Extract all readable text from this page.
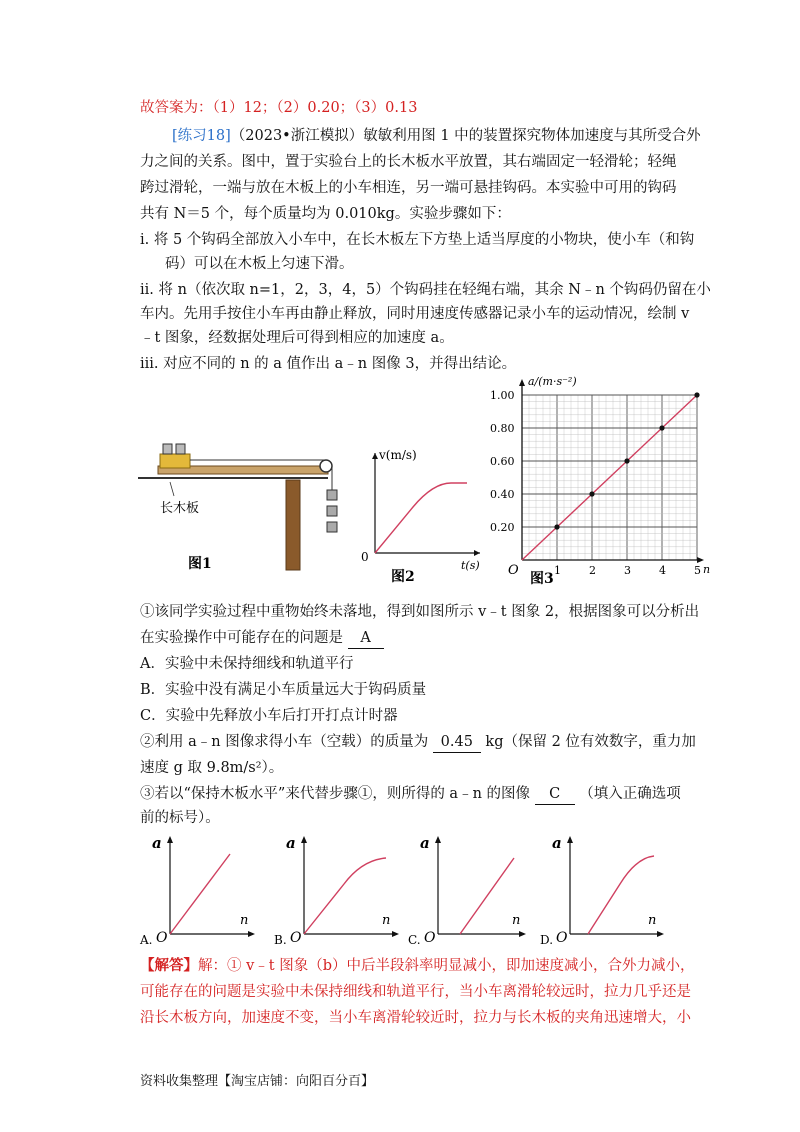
故答案为：（1）12；（2）0.20；（3）0.13
[练习18]（2023•浙江模拟）敏敏利用图 1 中的装置探究物体加速度与其所受合外
力之间的关系。图中，置于实验台上的长木板水平放置，其右端固定一轻滑轮；轻绳
跨过滑轮，一端与放在木板上的小车相连，另一端可悬挂钩码。本实验中可用的钩码
共有 N＝5 个，每个质量均为 0.010kg。实验步骤如下：
i. 将 5 个钩码全部放入小车中，在长木板左下方垫上适当厚度的小物块，使小车（和钩
码）可以在木板上匀速下滑。
ii. 将 n（依次取 n=1，2，3，4，5）个钩码挂在轻绳右端，其余 N﹣n 个钩码仍留在小
车内。先用手按住小车再由静止释放，同时用速度传感器记录小车的运动情况，绘制 v
﹣t 图象，经数据处理后可得到相应的加速度 a。
iii. 对应不同的 n 的 a 值作出 a﹣n 图像 3，并得出结论。
长木板
图1
v(m/s)
t(s)
0
图2	1	2	3	4	5
0.20
0.40
0.60
0.80
1.00
a/(m·s⁻²)
n
O
图3
①该同学实验过程中重物始终未落地，得到如图所示 v﹣t 图象 2，根据图象可以分析出
在实验操作中可能存在的问题是 A
A．实验中未保持细线和轨道平行
B．实验中没有满足小车质量远大于钩码质量
C．实验中先释放小车后打开打点计时器
②利用 a﹣n 图像求得小车（空载）的质量为 0.45 kg（保留 2 位有效数字，重力加
速度 g 取 9.8m/s²）。
③若以“保持木板水平”来代替步骤①，则所得的 a﹣n 的图像 C （填入正确选项
前的标号）。
a
n
A. O
a
n
B. O
a
n
C. O
a
n
D. O
【解答】解：① v﹣t 图象（b）中后半段斜率明显减小，即加速度减小，合外力减小，
可能存在的问题是实验中未保持细线和轨道平行，当小车离滑轮较远时，拉力几乎还是
沿长木板方向，加速度不变，当小车离滑轮较近时，拉力与长木板的夹角迅速增大，小
资料收集整理【淘宝店铺：向阳百分百】
